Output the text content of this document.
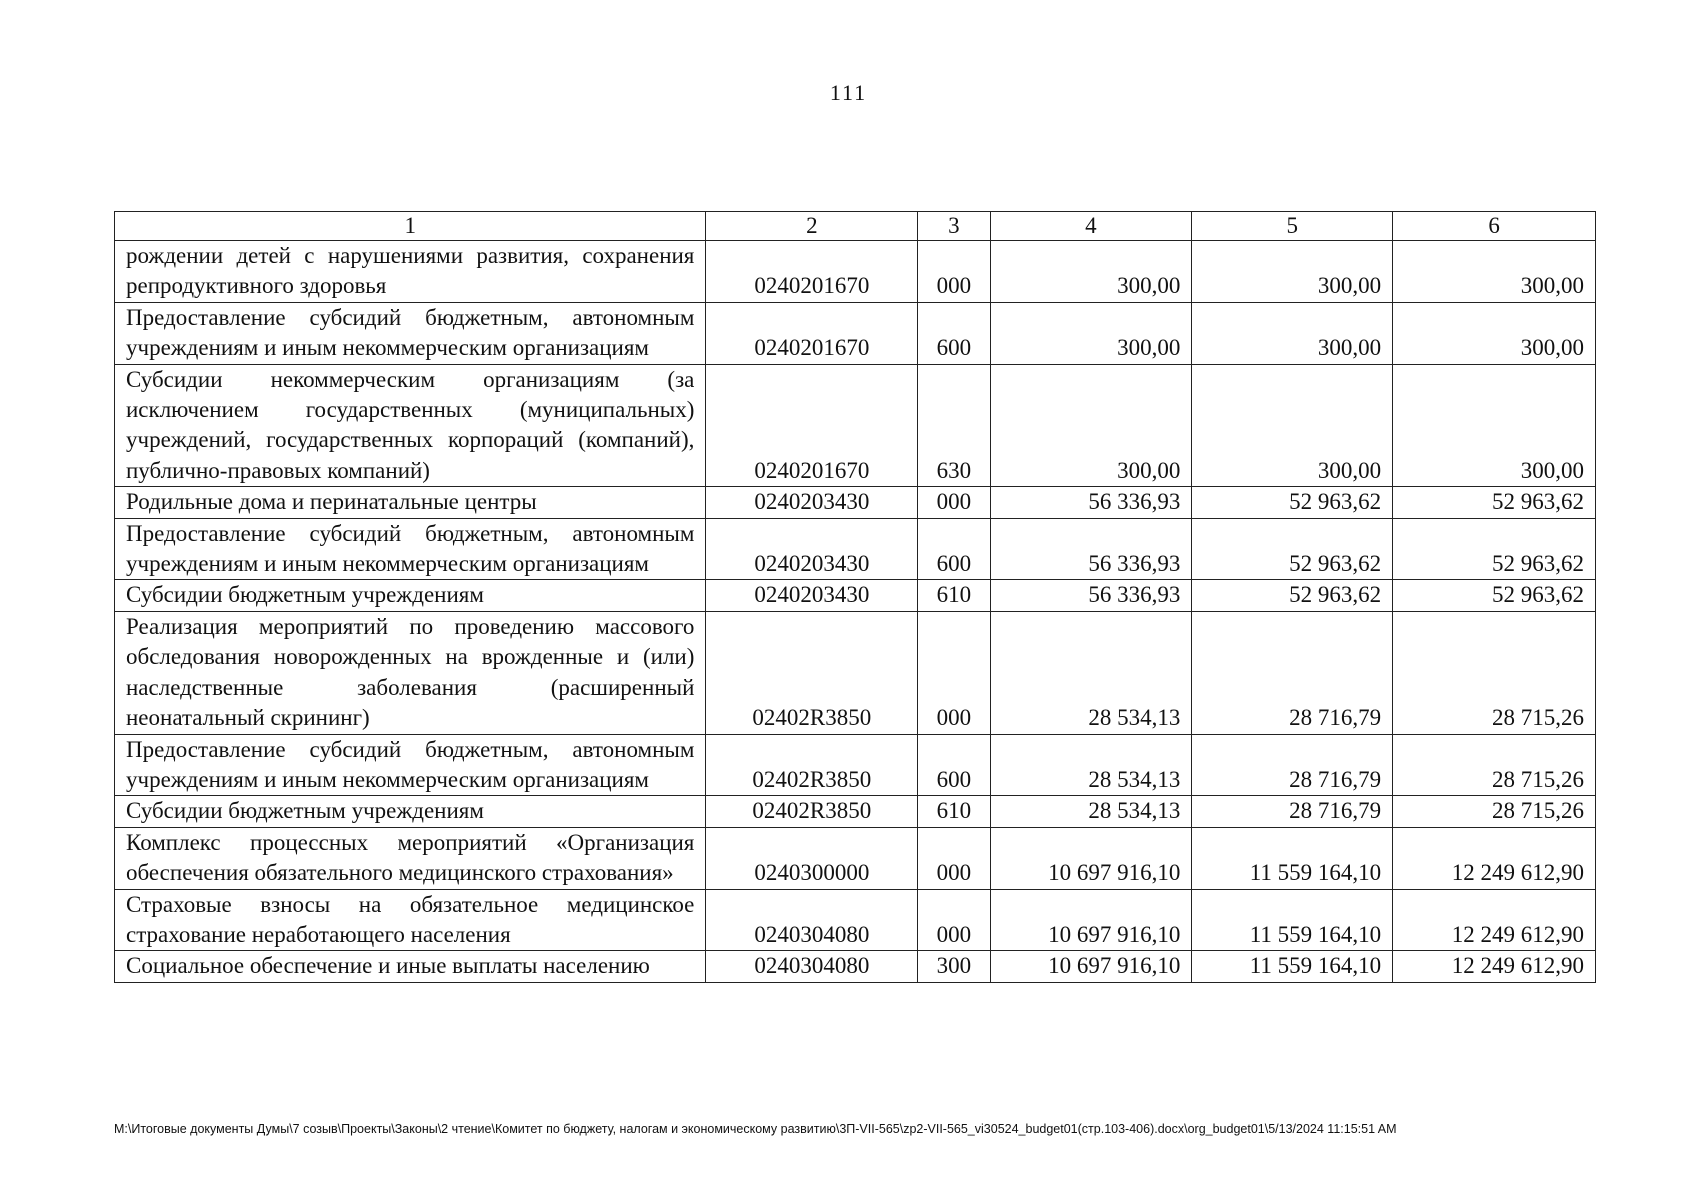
111
1	2	3	4	5	6
рождении детей с нарушениями развития, сохранения репродуктивного здоровья	0240201670	000	300,00	300,00	300,00
Предоставление субсидий бюджетным, автономным учреждениям и иным некоммерческим организациям	0240201670	600	300,00	300,00	300,00
Субсидии некоммерческим организациям (за исключением государственных (муниципальных) учреждений, государственных корпораций (компаний), публично-правовых компаний)	0240201670	630	300,00	300,00	300,00
Родильные дома и перинатальные центры	0240203430	000	56 336,93	52 963,62	52 963,62
Предоставление субсидий бюджетным, автономным учреждениям и иным некоммерческим организациям	0240203430	600	56 336,93	52 963,62	52 963,62
Субсидии бюджетным учреждениям	0240203430	610	56 336,93	52 963,62	52 963,62
Реализация мероприятий по проведению массового обследования новорожденных на врожденные и (или) наследственные заболевания (расширенный неонатальный скрининг)	02402R3850	000	28 534,13	28 716,79	28 715,26
Предоставление субсидий бюджетным, автономным учреждениям и иным некоммерческим организациям	02402R3850	600	28 534,13	28 716,79	28 715,26
Субсидии бюджетным учреждениям	02402R3850	610	28 534,13	28 716,79	28 715,26
Комплекс процессных мероприятий «Организация обеспечения обязательного медицинского страхования»	0240300000	000	10 697 916,10	11 559 164,10	12 249 612,90
Страховые взносы на обязательное медицинское страхование неработающего населения	0240304080	000	10 697 916,10	11 559 164,10	12 249 612,90
Социальное обеспечение и иные выплаты населению	0240304080	300	10 697 916,10	11 559 164,10	12 249 612,90
M:\Итоговые документы Думы\7 созыв\Проекты\Законы\2 чтение\Комитет по бюджету, налогам и экономическому развитию\3П-VII-565\zp2-VII-565_vi30524_budget01(стр.103-406).docx\org_budget01\5/13/2024 11:15:51 AM
